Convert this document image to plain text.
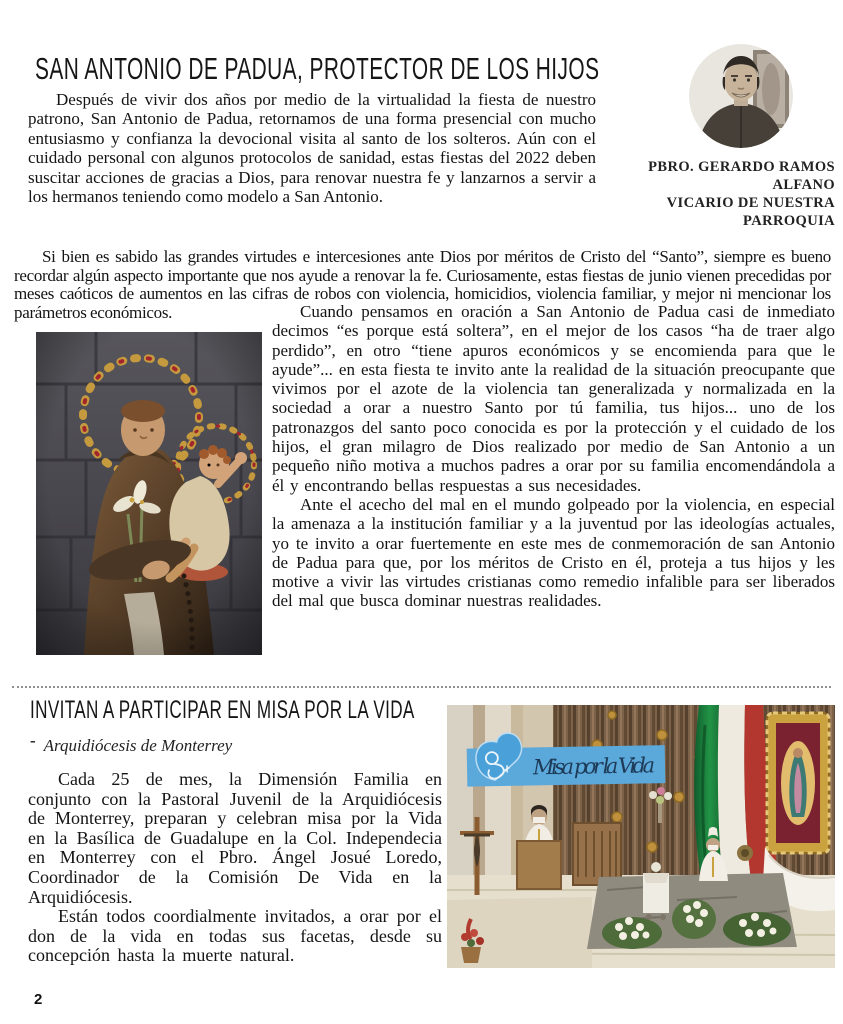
SAN ANTONIO DE PADUA, PROTECTOR DE LOS HIJOS

Después de vivir dos años por medio de la virtualidad la fiesta de nuestro patrono, San Antonio de Padua, retornamos de una forma presencial con mucho entusiasmo y confianza la devocional visita al santo de los solteros. Aún con el cuidado personal con algunos protocolos de sanidad, estas fiestas del 2022 deben suscitar acciones de gracias a Dios, para renovar nuestra fe y lanzarnos a servir a los hermanos teniendo como modelo a San Antonio.

PBRO. GERARDO RAMOS
ALFANO
VICARIO DE NUESTRA
PARROQUIA

Si bien es sabido las grandes virtudes e intercesiones ante Dios por méritos de Cristo del “Santo”, siempre es bueno recordar algún aspecto importante que nos ayude a renovar la fe. Curiosamente, estas fiestas de junio vienen precedidas por meses caóticos de aumentos en las cifras de robos con violencia, homicidios, violencia familiar, y mejor ni mencionar los parámetros económicos.	Cuando pensamos en oración a San Antonio de Padua casi de inmediato decimos “es porque está soltera”, en el mejor de los casos “ha de traer algo perdido”, en otro “tiene apuros económicos y se encomienda para que le ayude”... en esta fiesta te invito ante la realidad de la situación preocupante que vivimos por el azote de la violencia tan generalizada y normalizada en la sociedad a orar a nuestro Santo por tú familia, tus hijos... uno de los patronazgos del santo poco conocida es por la protección y el cuidado de los hijos, el gran milagro de Dios realizado por medio de San Antonio a un pequeño niño motiva a muchos padres a orar por su familia encomendándola a él y encontrando bellas respuestas a sus necesidades.

Ante el acecho del mal en el mundo golpeado por la violencia, en especial la amenaza a la institución familiar y a la juventud por las ideologías actuales, yo te invito a orar fuertemente en este mes de conmemoración de san Antonio de Padua para que, por los méritos de Cristo en él, proteja a tus hijos y les motive a vivir las virtudes cristianas como remedio infalible para ser liberados del mal que busca dominar nuestras realidades.

INVITAN A PARTICIPAR EN MISA POR LA VIDA
- Arquidiócesis de Monterrey

Cada 25 de mes, la Dimensión Familia en conjunto con la Pastoral Juvenil de la Arquidiócesis de Monterrey, preparan y celebran misa por la Vida en la Basílica de Guadalupe en la Col. Independecia en Monterrey con el Pbro. Ángel Josué Loredo, Coordinador de la Comisión De Vida en la Arquidiócesis.

Están todos coordialmente invitados, a orar por el don de la vida en todas sus facetas, desde su concepción hasta la muerte natural.

Misa por la Vida
2
